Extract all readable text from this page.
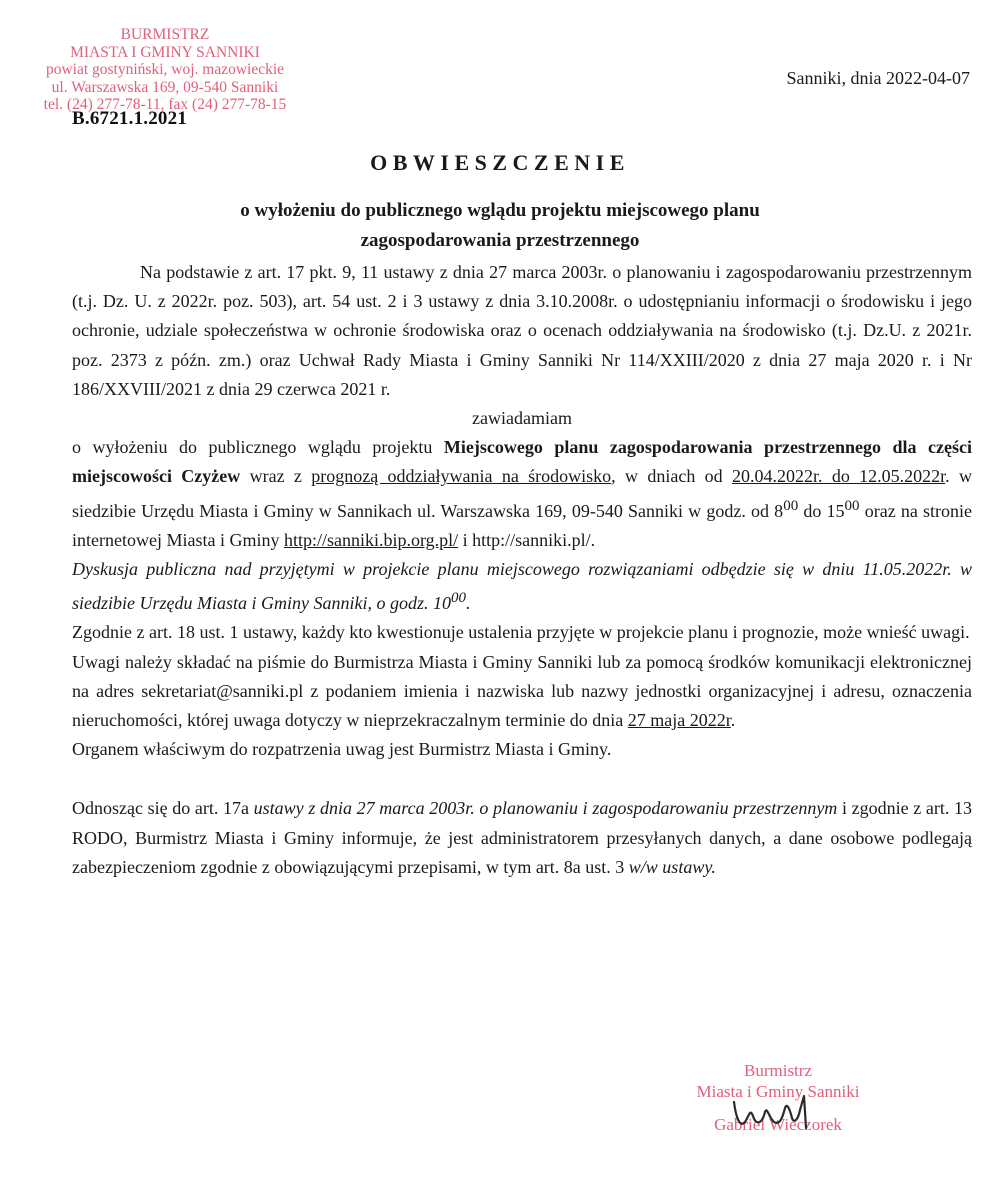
BURMISTRZ
MIASTA I GMINY SANNIKI
powiat gostyniński, woj. mazowieckie
ul. Warszawska 169, 09-540 Sanniki
tel. (24) 277-78-11, fax (24) 277-78-15
B.6721.1.2021
Sanniki, dnia 2022-04-07
OBWIESZCZENIE
o wyłożeniu do publicznego wglądu projektu miejscowego planu
zagospodarowania przestrzennego

Na podstawie z art. 17 pkt. 9, 11 ustawy z dnia 27 marca 2003r. o planowaniu i zagospodarowaniu przestrzennym (t.j. Dz. U. z 2022r. poz. 503), art. 54 ust. 2 i 3 ustawy z dnia 3.10.2008r. o udostępnianiu informacji o środowisku i jego ochronie, udziale społeczeństwa w ochronie środowiska oraz o ocenach oddziaływania na środowisko (t.j. Dz.U. z 2021r. poz. 2373 z późn. zm.) oraz Uchwał Rady Miasta i Gminy Sanniki Nr 114/XXIII/2020 z dnia 27 maja 2020 r. i Nr 186/XXVIII/2021 z dnia 29 czerwca 2021 r.

zawiadamiam

o wyłożeniu do publicznego wglądu projektu Miejscowego planu zagospodarowania przestrzennego dla części miejscowości Czyżew wraz z prognozą oddziaływania na środowisko, w dniach od 20.04.2022r. do 12.05.2022r. w siedzibie Urzędu Miasta i Gminy w Sannikach ul. Warszawska 169, 09-540 Sanniki w godz. od $8^{00}$ do $15^{00}$ oraz na stronie internetowej Miasta i Gminy http://sanniki.bip.org.pl/ i http://sanniki.pl/.

Dyskusja publiczna nad przyjętymi w projekcie planu miejscowego rozwiązaniami odbędzie się w dniu 11.05.2022r. w siedzibie Urzędu Miasta i Gminy Sanniki, o godz. $10^{00}$.

Zgodnie z art. 18 ust. 1 ustawy, każdy kto kwestionuje ustalenia przyjęte w projekcie planu i prognozie, może wnieść uwagi.

Uwagi należy składać na piśmie do Burmistrza Miasta i Gminy Sanniki lub za pomocą środków komunikacji elektronicznej na adres sekretariat@sanniki.pl z podaniem imienia i nazwiska lub nazwy jednostki organizacyjnej i adresu, oznaczenia nieruchomości, której uwaga dotyczy w nieprzekraczalnym terminie do dnia 27 maja 2022r.

Organem właściwym do rozpatrzenia uwag jest Burmistrz Miasta i Gminy.

Odnosząc się do art. 17a ustawy z dnia 27 marca 2003r. o planowaniu i zagospodarowaniu przestrzennym i zgodnie z art. 13 RODO, Burmistrz Miasta i Gminy informuje, że jest administratorem przesyłanych danych, a dane osobowe podlegają zabezpieczeniom zgodnie z obowiązującymi przepisami, w tym art. 8a ust. 3 w/w ustawy.

Burmistrz
Miasta i Gminy Sanniki
Gabriel Wieczorek
